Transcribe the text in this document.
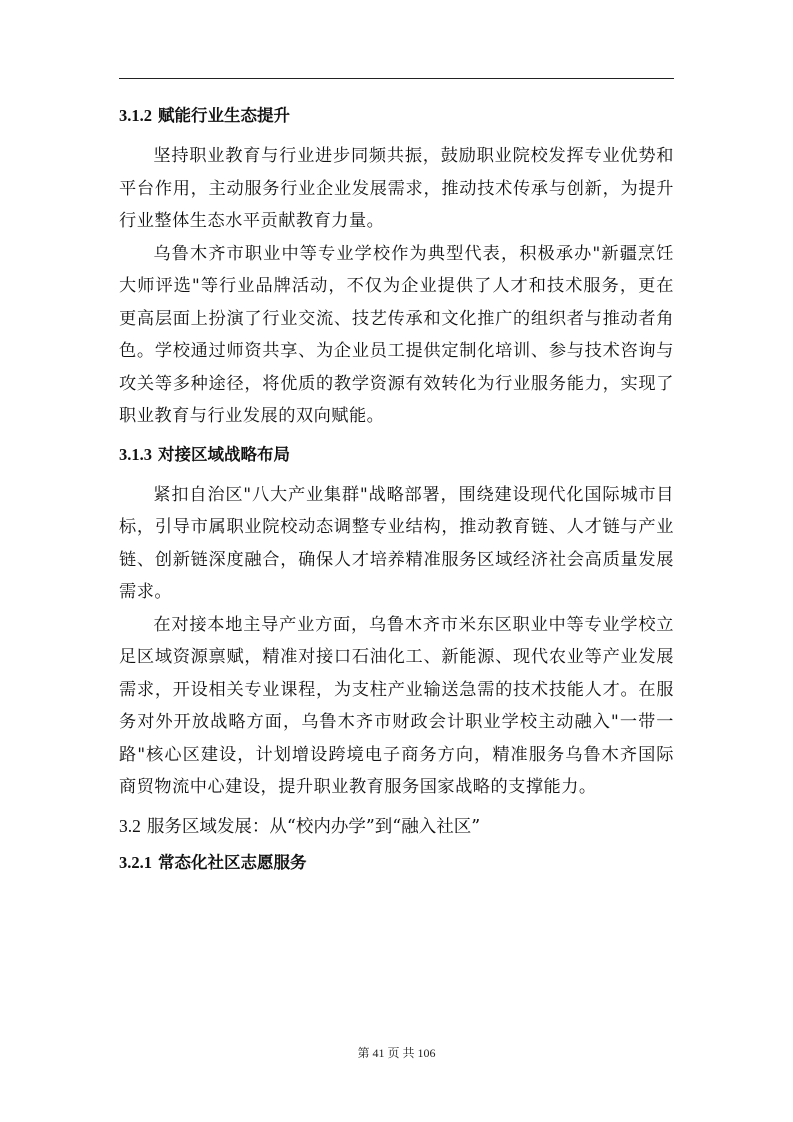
3.1.2 赋能行业生态提升

坚持职业教育与行业进步同频共振，鼓励职业院校发挥专业优势和平台作用，主动服务行业企业发展需求，推动技术传承与创新，为提升行业整体生态水平贡献教育力量。

乌鲁木齐市职业中等专业学校作为典型代表，积极承办"新疆烹饪大师评选"等行业品牌活动，不仅为企业提供了人才和技术服务，更在更高层面上扮演了行业交流、技艺传承和文化推广的组织者与推动者角色。学校通过师资共享、为企业员工提供定制化培训、参与技术咨询与攻关等多种途径，将优质的教学资源有效转化为行业服务能力，实现了职业教育与行业发展的双向赋能。

3.1.3 对接区域战略布局

紧扣自治区"八大产业集群"战略部署，围绕建设现代化国际城市目标，引导市属职业院校动态调整专业结构，推动教育链、人才链与产业链、创新链深度融合，确保人才培养精准服务区域经济社会高质量发展需求。

在对接本地主导产业方面，乌鲁木齐市米东区职业中等专业学校立足区域资源禀赋，精准对接口石油化工、新能源、现代农业等产业发展需求，开设相关专业课程，为支柱产业输送急需的技术技能人才。在服务对外开放战略方面，乌鲁木齐市财政会计职业学校主动融入"一带一路"核心区建设，计划增设跨境电子商务方向，精准服务乌鲁木齐国际商贸物流中心建设，提升职业教育服务国家战略的支撑能力。

3.2 服务区域发展：从“校内办学”到“融入社区”
3.2.1 常态化社区志愿服务
第 41 页 共 106
